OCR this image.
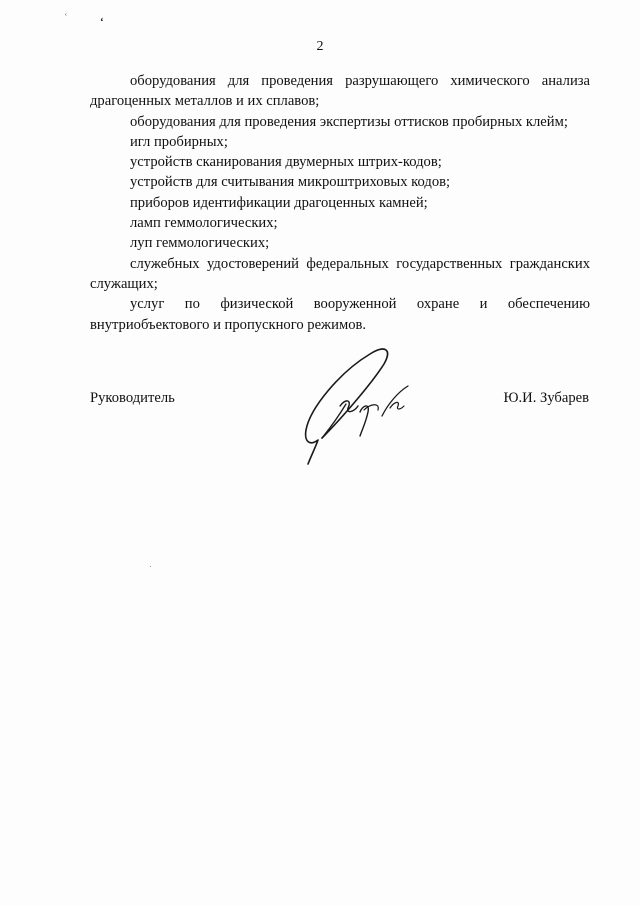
ʿ	ʻ
2

оборудования для проведения разрушающего химического анализа драгоценных металлов и их сплавов;

оборудования для проведения экспертизы оттисков пробирных клейм;

игл пробирных;

устройств сканирования двумерных штрих-кодов;

устройств для считывания микроштриховых кодов;

приборов идентификации драгоценных камней;

ламп геммологических;

луп геммологических;

служебных удостоверений федеральных государственных гражданских служащих;

услуг по физической вооруженной охране и обеспечению внутриобъектового и пропускного режимов.

Руководитель	Ю.И. Зубарев
